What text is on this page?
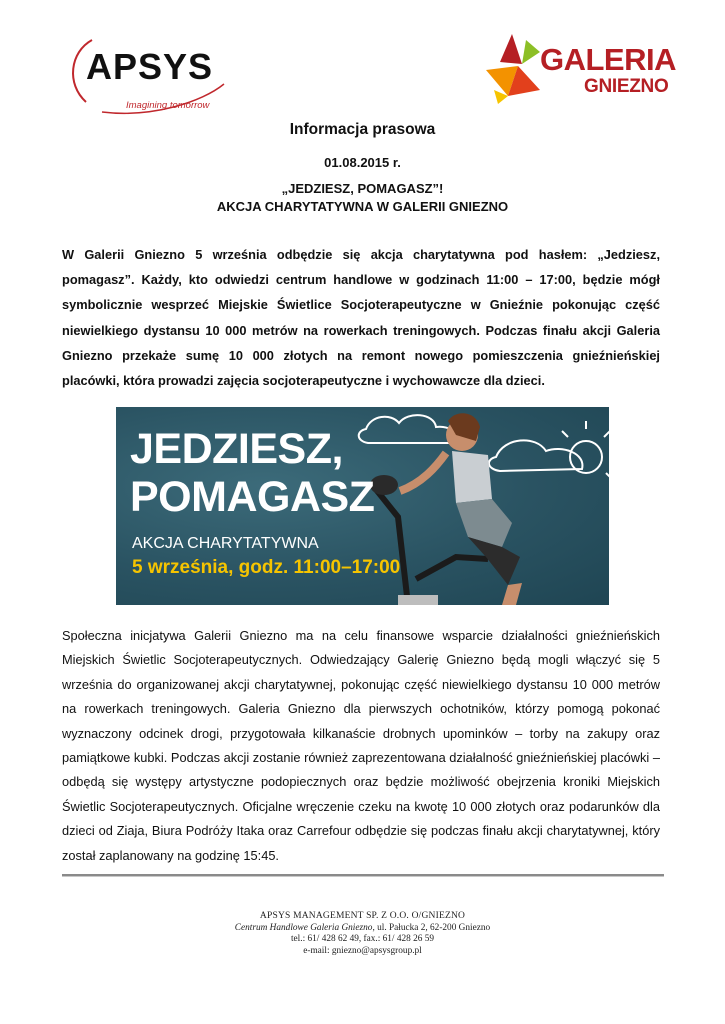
APSYS
Imagining tomorrow
GALERIA
GNIEZNO
Informacja prasowa
01.08.2015 r.
„JEDZIESZ, POMAGASZ”!
AKCJA CHARYTATYWNA W GALERII GNIEZNO
W Galerii Gniezno 5 września odbędzie się akcja charytatywna pod hasłem: „Jedziesz, pomagasz”. Każdy, kto odwiedzi centrum handlowe w godzinach 11:00 – 17:00, będzie mógł symbolicznie wesprzeć Miejskie Świetlice Socjoterapeutyczne w Gnieźnie pokonując część niewielkiego dystansu 10 000 metrów na rowerkach treningowych. Podczas finału akcji Galeria Gniezno przekaże sumę 10 000 złotych na remont nowego pomieszczenia gnieźnieńskiej placówki, która prowadzi zajęcia socjoterapeutyczne i wychowawcze dla dzieci.
JEDZIESZ,
POMAGASZ
AKCJA CHARYTATYWNA
5 września, godz. 11:00–17:00
Społeczna inicjatywa Galerii Gniezno ma na celu finansowe wsparcie działalności gnieźnieńskich Miejskich Świetlic Socjoterapeutycznych. Odwiedzający Galerię Gniezno będą mogli włączyć się 5 września do organizowanej akcji charytatywnej, pokonując część niewielkiego dystansu 10 000 metrów na rowerkach treningowych. Galeria Gniezno dla pierwszych ochotników, którzy pomogą pokonać wyznaczony odcinek drogi, przygotowała kilkanaście drobnych upominków – torby na zakupy oraz pamiątkowe kubki. Podczas akcji zostanie również zaprezentowana działalność gnieźnieńskiej placówki – odbędą się występy artystyczne podopiecznych oraz będzie możliwość obejrzenia kroniki Miejskich Świetlic Socjoterapeutycznych. Oficjalne wręczenie czeku na kwotę 10 000 złotych oraz podarunków dla dzieci od Ziaja, Biura Podróży Itaka oraz Carrefour odbędzie się podczas finału akcji charytatywnej, który został zaplanowany na godzinę 15:45.
APSYS MANAGEMENT SP. Z O.O. O/GNIEZNO
Centrum Handlowe Galeria Gniezno, ul. Pałucka 2, 62-200 Gniezno
tel.: 61/ 428 62 49, fax.: 61/ 428 26 59
e-mail: gniezno@apsysgroup.pl
